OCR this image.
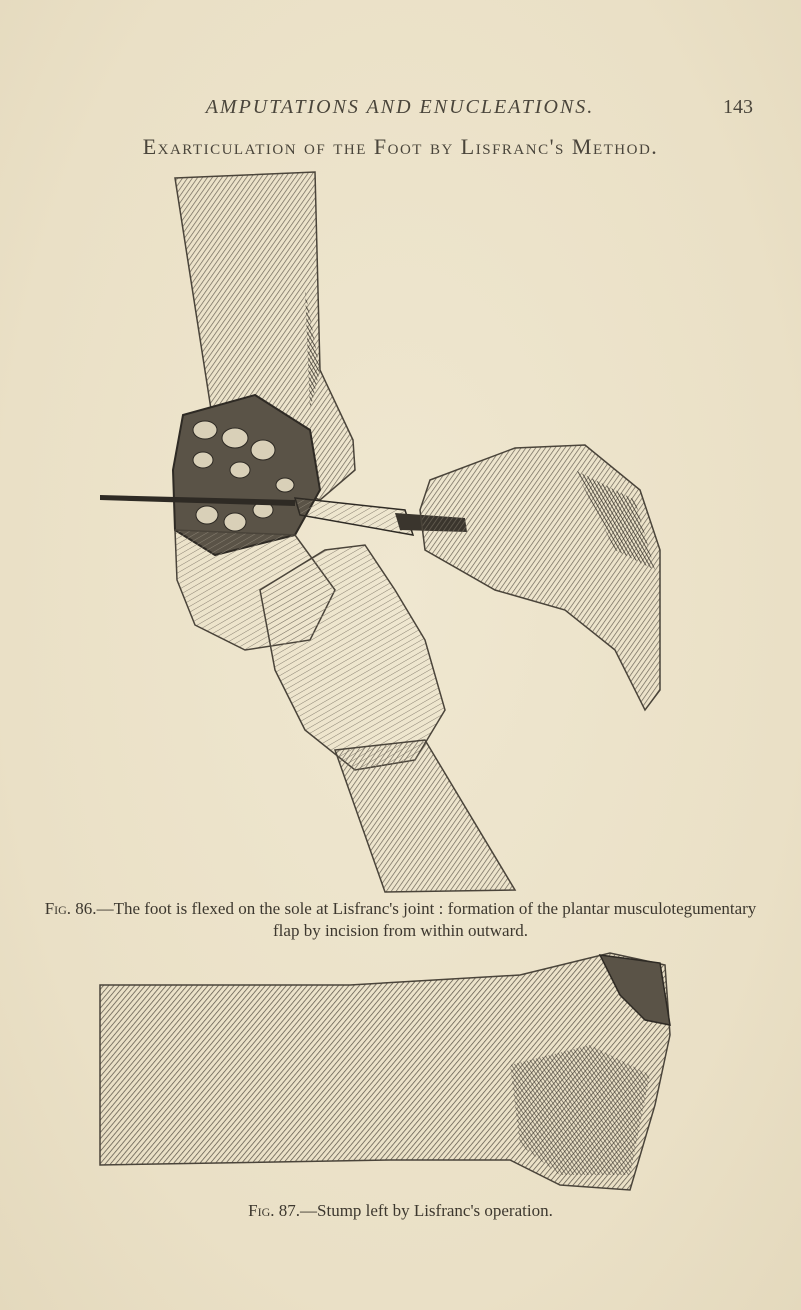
AMPUTATIONS AND ENUCLEATIONS.	143
Exarticulation of the Foot by Lisfranc's Method.
Fig. 86.—The foot is flexed on the sole at Lisfranc's joint : formation of the plantar musculotegumentary flap by incision from within outward.
Fig. 87.—Stump left by Lisfranc's operation.
